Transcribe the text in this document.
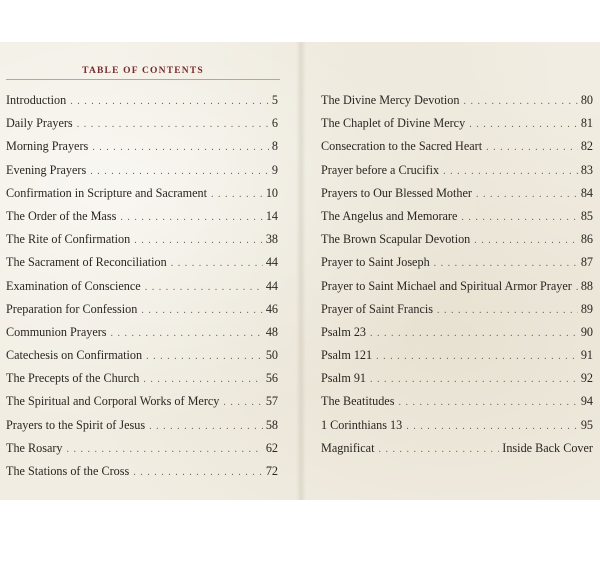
TABLE OF CONTENTS
Introduction . . .	5
Daily Prayers . . .	6
Morning Prayers . . .	8
Evening Prayers . . .	9
Confirmation in Scripture and Sacrament . . .	10
The Order of the Mass . . .	14
The Rite of Confirmation . . .	38
The Sacrament of Reconciliation . . .	44
Examination of Conscience . . .	44
Preparation for Confession . . .	46
Communion Prayers . . .	48
Catechesis on Confirmation . . .	50
The Precepts of the Church . . .	56
The Spiritual and Corporal Works of Mercy . . .	57
Prayers to the Spirit of Jesus . . .	58
The Rosary . . .	62
The Stations of the Cross . . .	72
The Divine Mercy Devotion . . .	80
The Chaplet of Divine Mercy . . .	81
Consecration to the Sacred Heart . . .	82
Prayer before a Crucifix . . .	83
Prayers to Our Blessed Mother . . .	84
The Angelus and Memorare . . .	85
The Brown Scapular Devotion . . .	86
Prayer to Saint Joseph . . .	87
Prayer to Saint Michael and Spiritual Armor Prayer . . . 88
Prayer of Saint Francis . . .	89
Psalm 23 . . .	90
Psalm 121 . . .	91
Psalm 91 . . .	92
The Beatitudes . . .	94
1 Corinthians 13 . . .	95
Magnificat . . .	Inside Back Cover
